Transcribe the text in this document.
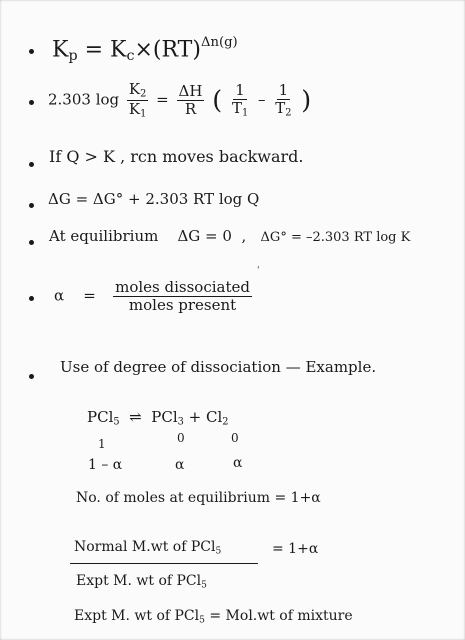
$K_p = K_c\times(RT)^{\Delta n(g)}$
2.303 $\log \frac{K_2}{K_1} = \frac{\Delta H}{R}$ ( $\frac{1}{T_1} - \frac{1}{T_2}$ )
If Q > K , rcn moves backward.
ΔG = ΔG° + 2.303 RT log Q
At equilibrium ΔG = 0 , ΔG° = –2.303 RT log K
$\alpha = \frac{\text{moles dissociated}}{\text{moles present}}$
'
Use of degree of dissociation — Example.
PCl$_5$ ⇌ $PCl_3 + Cl_2$
1	0	0
1 – α	α	α
No. of moles at equilibrium = 1+α
Normal M.wt of PCl$_5$	= 1+α
Expt M. wt of PCl$_5$
Expt M. wt of PCl$_5$ = Mol.wt of mixture
